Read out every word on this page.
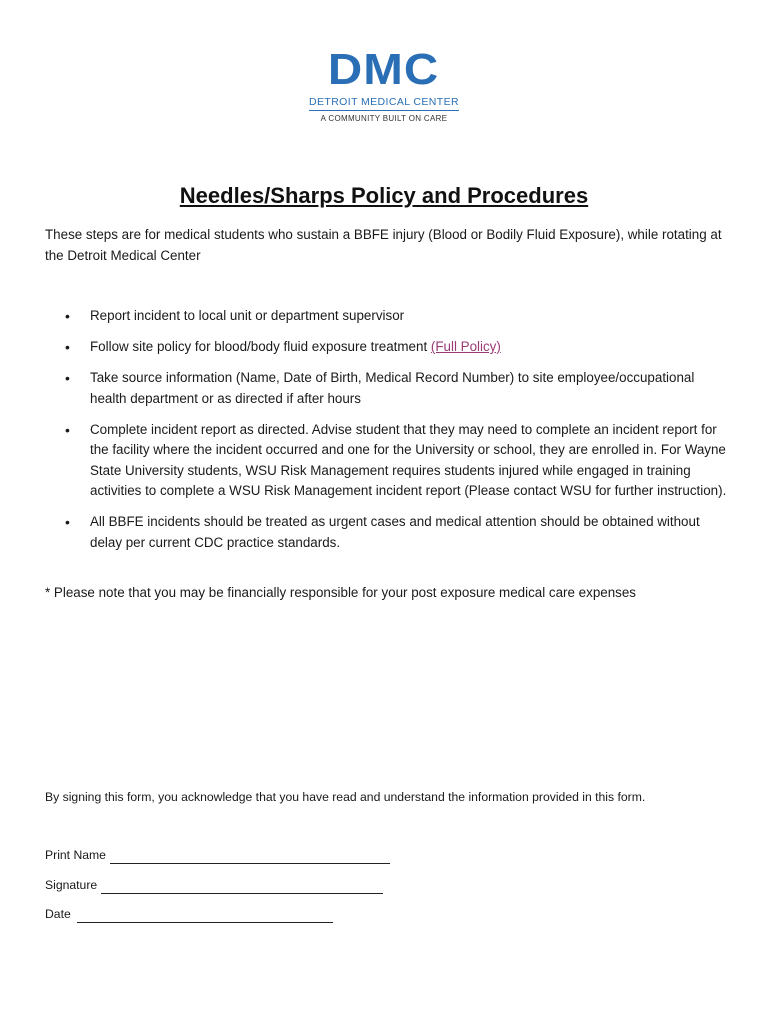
DMC
DETROIT MEDICAL CENTER
A COMMUNITY BUILT ON CARE
Needles/Sharps Policy and Procedures

These steps are for medical students who sustain a BBFE injury (Blood or Bodily Fluid Exposure), while rotating at the Detroit Medical Center

• Report incident to local unit or department supervisor
• Follow site policy for blood/body fluid exposure treatment (Full Policy)
• Take source information (Name, Date of Birth, Medical Record Number) to site employee/occupational health department or as directed if after hours
• Complete incident report as directed. Advise student that they may need to complete an incident report for the facility where the incident occurred and one for the University or school, they are enrolled in. For Wayne State University students, WSU Risk Management requires students injured while engaged in training activities to complete a WSU Risk Management incident report (Please contact WSU for further instruction).
• All BBFE incidents should be treated as urgent cases and medical attention should be obtained without delay per current CDC practice standards.

* Please note that you may be financially responsible for your post exposure medical care expenses

By signing this form, you acknowledge that you have read and understand the information provided in this form.

Print Name
Signature
Date
